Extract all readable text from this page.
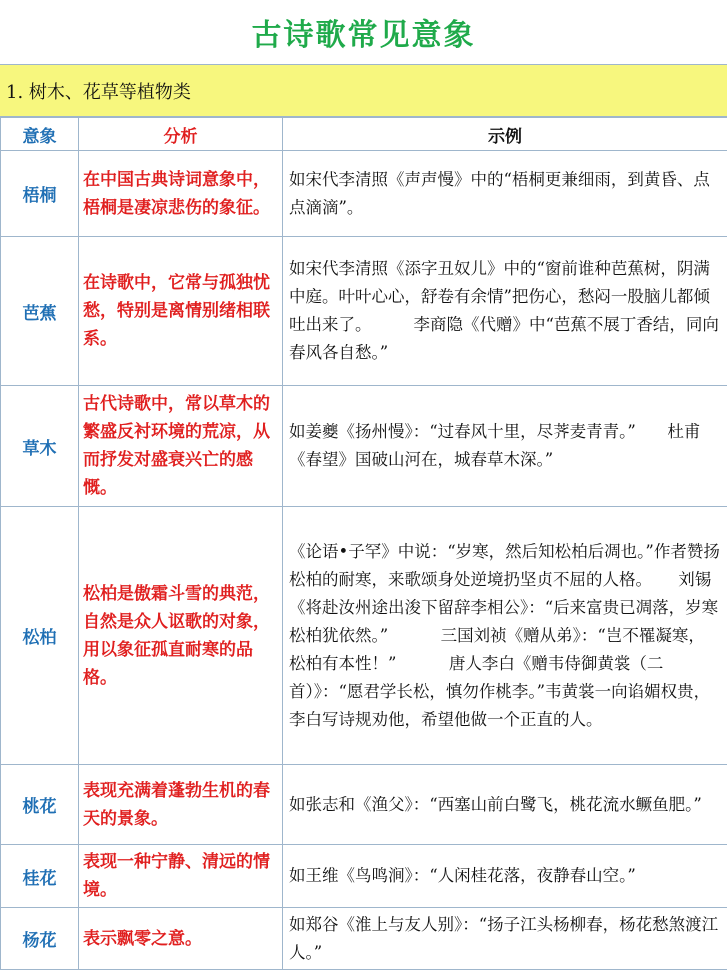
古诗歌常见意象
1. 树木、花草等植物类
意象	分析	示例
梧桐	在中国古典诗词意象中，梧桐是凄凉悲伤的象征。	如宋代李清照《声声慢》中的“梧桐更兼细雨，到黄昏、点点滴滴”。
芭蕉	在诗歌中，它常与孤独忧愁，特别是离情别绪相联系。	如宋代李清照《添字丑奴儿》中的“窗前谁种芭蕉树，阴满中庭。叶叶心心，舒卷有余情”把伤心，愁闷一股脑儿都倾吐出来了。        李商隐《代赠》中“芭蕉不展丁香结，同向春风各自愁。”
草木	古代诗歌中，常以草木的繁盛反衬环境的荒凉，从而抒发对盛衰兴亡的感慨。	如姜夔《扬州慢》：“过春风十里，尽荠麦青青。”      杜甫《春望》国破山河在，城春草木深。”
松柏	松柏是傲霜斗雪的典范，自然是众人讴歌的对象，用以象征孤直耐寒的品格。	《论语•子罕》中说：“岁寒，然后知松柏后凋也。”作者赞扬松柏的耐寒，来歌颂身处逆境扔坚贞不屈的人格。     刘锡《将赴汝州途出浚下留辞李相公》：“后来富贵已凋落，岁寒松柏犹依然。”          三国刘祯《赠从弟》：“岂不罹凝寒，松柏有本性！”          唐人李白《赠韦侍御黄裳（二首）》：“愿君学长松，慎勿作桃李。”韦黄裳一向谄媚权贵，李白写诗规劝他，希望他做一个正直的人。
桃花	表现充满着蓬勃生机的春天的景象。	如张志和《渔父》：“西塞山前白鹭飞，桃花流水鳜鱼肥。”
桂花	表现一种宁静、清远的情境。	如王维《鸟鸣涧》：“人闲桂花落，夜静春山空。”
杨花	表示飘零之意。	如郑谷《淮上与友人别》：“扬子江头杨柳春，杨花愁煞渡江人。”
